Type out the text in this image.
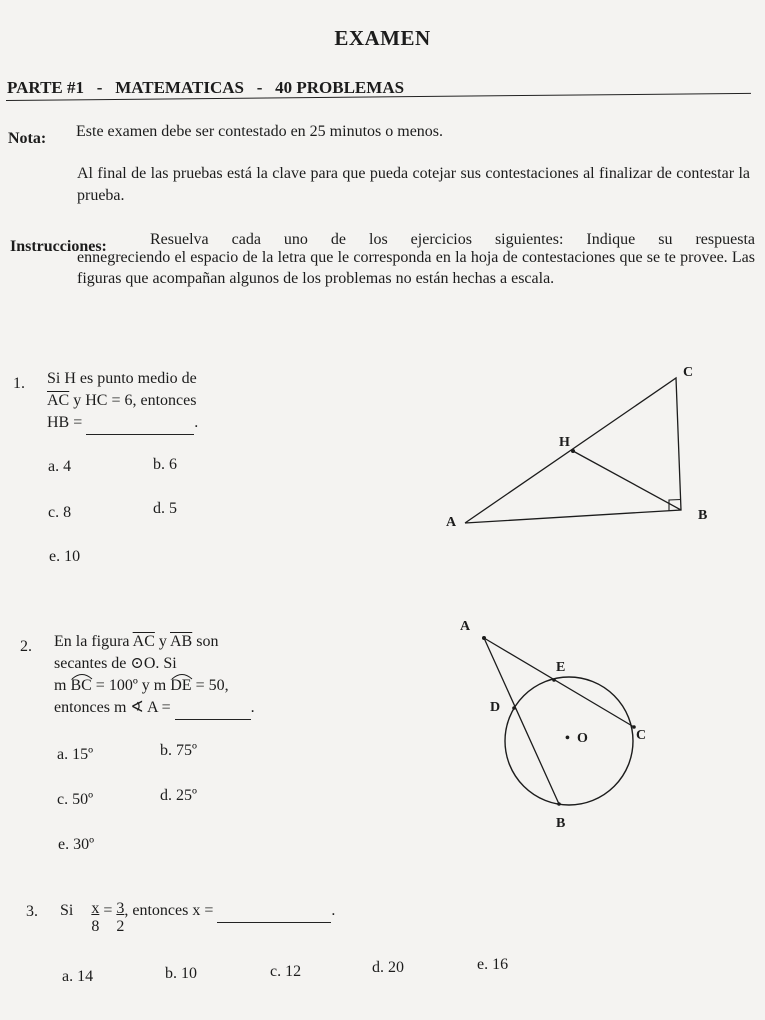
EXAMEN
PARTE #1 - MATEMATICAS - 40 PROBLEMAS
Nota: Este examen debe ser contestado en 25 minutos o menos.
Al final de las pruebas está la clave para que pueda cotejar sus contestaciones al finalizar de contestar la prueba.
Instrucciones:	Resuelva cada uno de los ejercicios siguientes: Indique su respuesta
ennegreciendo el espacio de la letra que le corresponda en la hoja de contestaciones que se te provee. Las figuras que acompañan algunos de los problemas no están hechas a escala.
1. Si H es punto medio de
$\overline{AC}$ y HC = 6, entonces
HB =	.
a. 4	b. 6
c. 8	d. 5
e. 10
A	B
C
H
2. En la figura $\overline{AC}$ y $\overline{AB}$ son
secantes de ⊙O. Si
m BC
= 100º y m DE
= 50,
entonces m ∢ A =	.
a. 15º	b. 75º
c. 50º	d. 25º
e. 30º
A
E
D
• O	C
B
3. Si $\frac{x}{8} = \frac{3}{2}$ , entonces x =	.
a. 14	b. 10	c. 12	d. 20	e. 16
